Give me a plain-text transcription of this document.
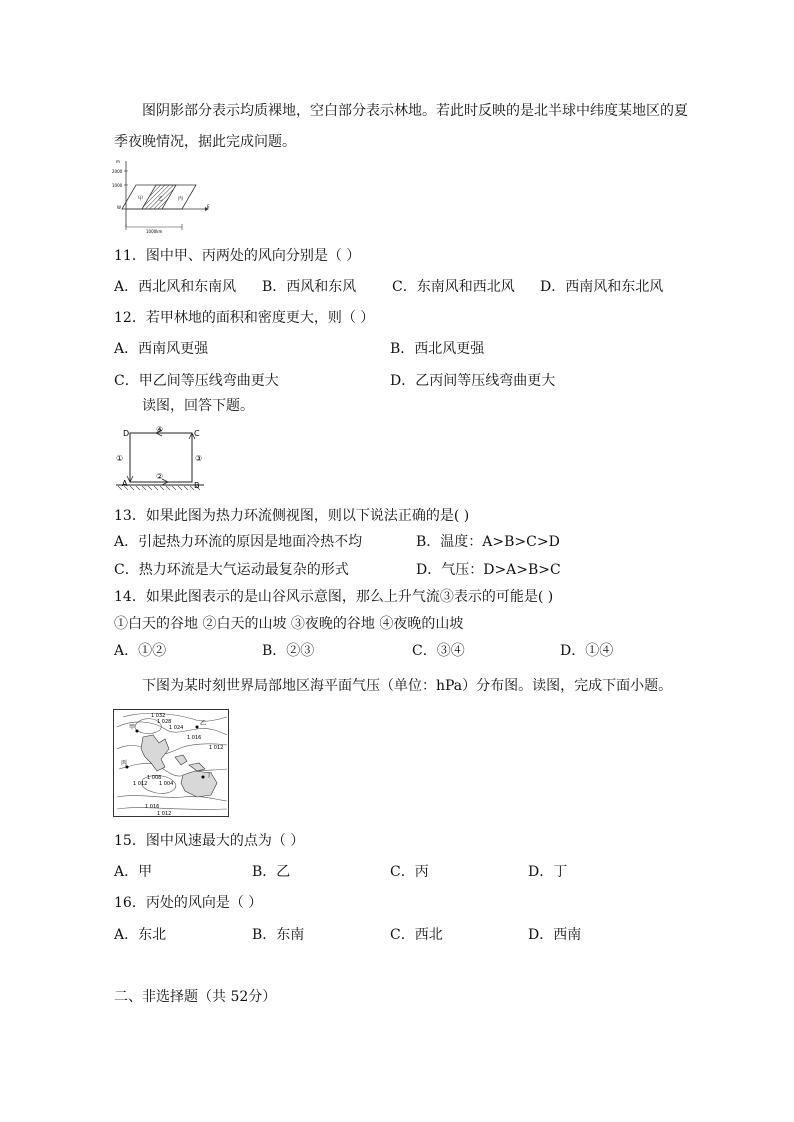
图阴影部分表示均质裸地，空白部分表示林地。若此时反映的是北半球中纬度某地区的夏
季夜晚情况，据此完成问题。
m
2000
1000
W	E
甲	乙	丙
1000km
11．图中甲、丙两处的风向分别是（ ）
A．西北风和东南风 B．西风和东风	C．东南风和西北风 D．西南风和东北风
12．若甲林地的面积和密度更大，则（ ）
A．西南风更强	B．西北风更强
C．甲乙间等压线弯曲更大	D．乙丙间等压线弯曲更大
读图，回答下题。
D	C
A	B
④
②
①	③
13．如果此图为热力环流侧视图，则以下说法正确的是( )
A．引起热力环流的原因是地面冷热不均	B．温度：A>B>C>D
C．热力环流是大气运动最复杂的形式	D．气压：D>A>B>C
14．如果此图表示的是山谷风示意图，那么上升气流③表示的可能是( )
①白天的谷地 ②白天的山坡 ③夜晚的谷地 ④夜晚的山坡
A．①②	B．②③	C．③④	D．①④
下图为某时刻世界局部地区海平面气压（单位：hPa）分布图。读图，完成下面小题。
1 032
1 028
1 024
1 016
1 012
1 008
1 004
1 012
1 016
1 012
甲
乙
丙
丁
15．图中风速最大的点为（ ）
A．甲	B．乙	C．丙	D．丁
16．丙处的风向是（ ）
A．东北	B．东南	C．西北	D．西南
二、非选择题（共 52分）
